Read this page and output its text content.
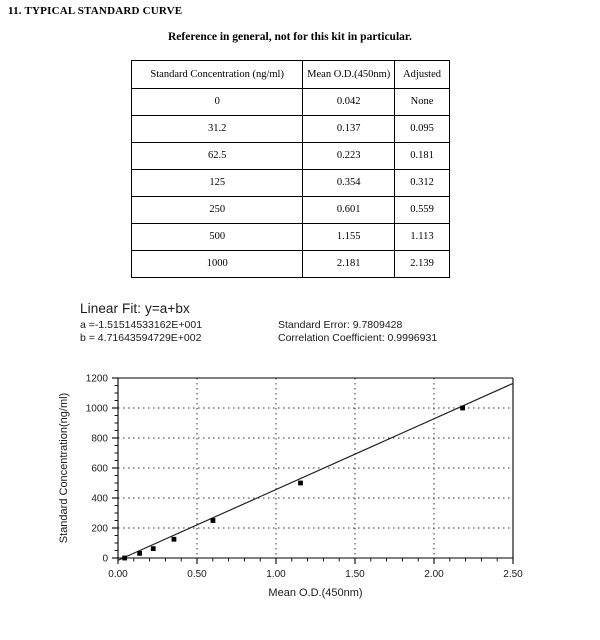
11. TYPICAL STANDARD CURVE
Reference in general, not for this kit in particular.
Standard Concentration (ng/ml)	Mean O.D.(450nm)	Adjusted
0	0.042	None
31.2	0.137	0.095
62.5	0.223	0.181
125	0.354	0.312
250	0.601	0.559
500	1.155	1.113
1000	2.181	2.139
Linear Fit: y=a+bx
a =-1.51514533162E+001	Standard Error: 9.7809428
b = 4.71643594729E+002	Correlation Coefficient: 0.9996931
0
200
400
600
800
1000
1200
0.00	0.50	1.00	1.50	2.00	2.50
Mean O.D.(450nm)
Standard Concentration(ng/ml)
